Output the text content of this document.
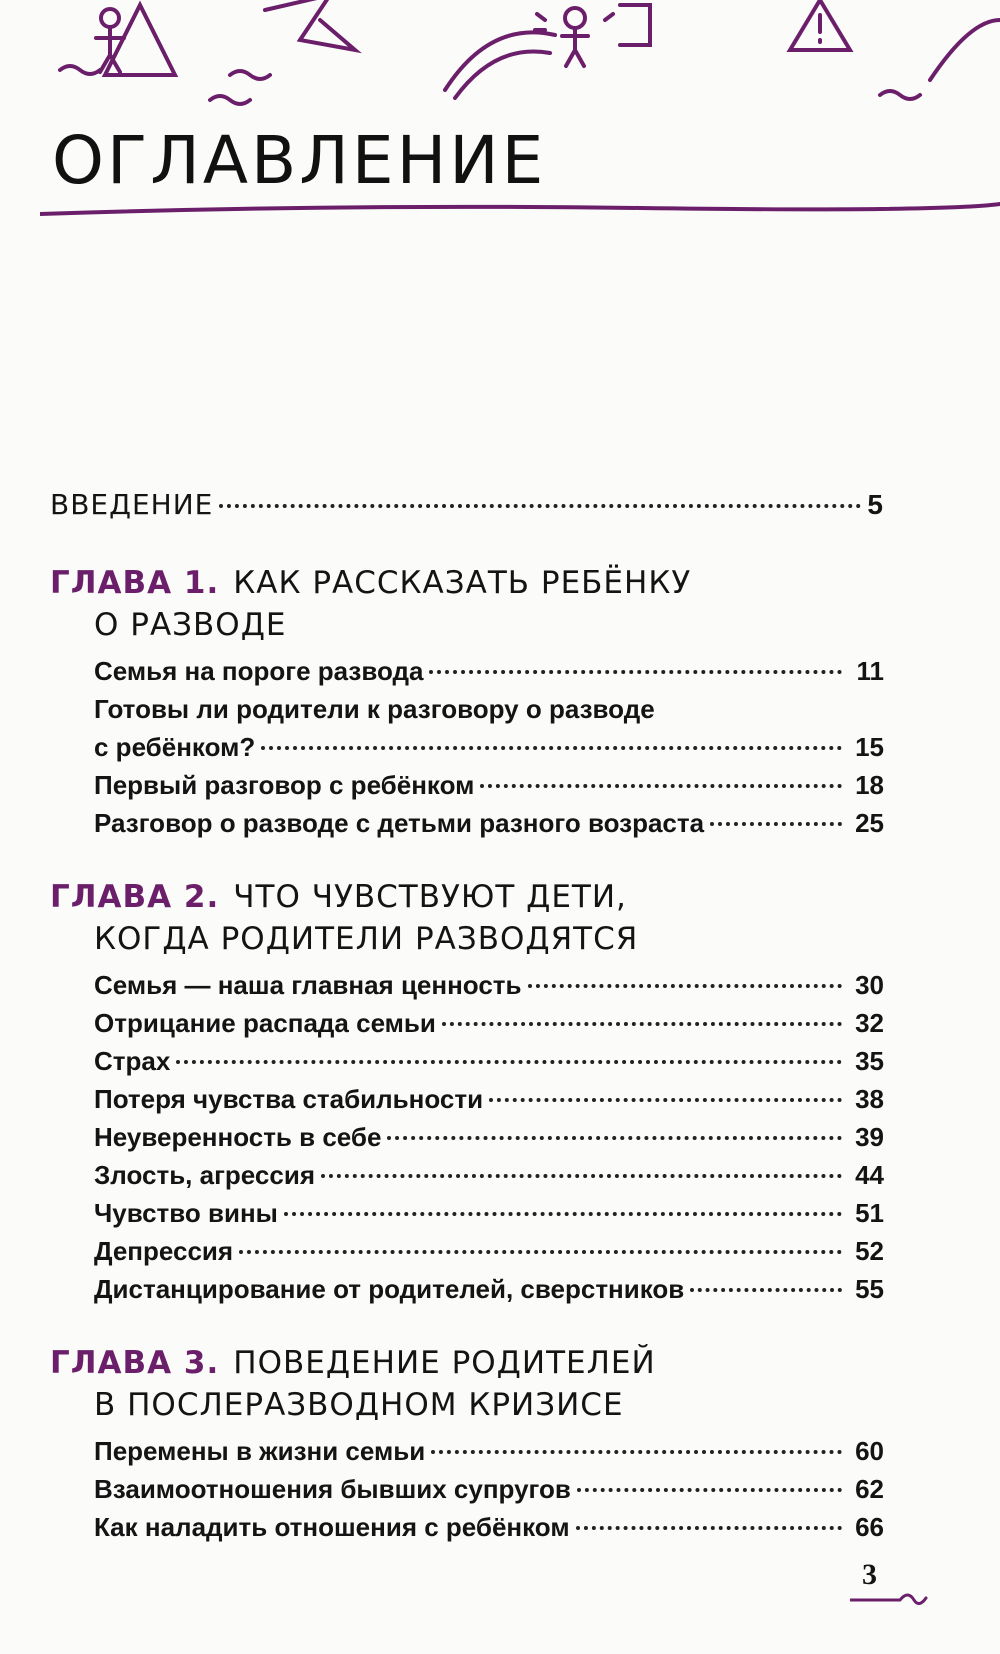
ОГЛАВЛЕНИЕ
ВВЕДЕНИЕ	5
ГЛАВА 1. КАК РАССКАЗАТЬ РЕБЁНКУ
О РАЗВОДЕ
Семья на пороге развода	11
Готовы ли родители к разговору о разводе
с ребёнком?	15
Первый разговор с ребёнком	18
Разговор о разводе с детьми разного возраста	25
ГЛАВА 2. ЧТО ЧУВСТВУЮТ ДЕТИ,
КОГДА РОДИТЕЛИ РАЗВОДЯТСЯ
Семья — наша главная ценность	30
Отрицание распада семьи	32
Страх	35
Потеря чувства стабильности	38
Неуверенность в себе	39
Злость, агрессия	44
Чувство вины	51
Депрессия	52
Дистанцирование от родителей, сверстников	55
ГЛАВА 3. ПОВЕДЕНИЕ РОДИТЕЛЕЙ
В ПОСЛЕРАЗВОДНОМ КРИЗИСЕ
Перемены в жизни семьи	60
Взаимоотношения бывших супругов	62
Как наладить отношения с ребёнком	66
3
